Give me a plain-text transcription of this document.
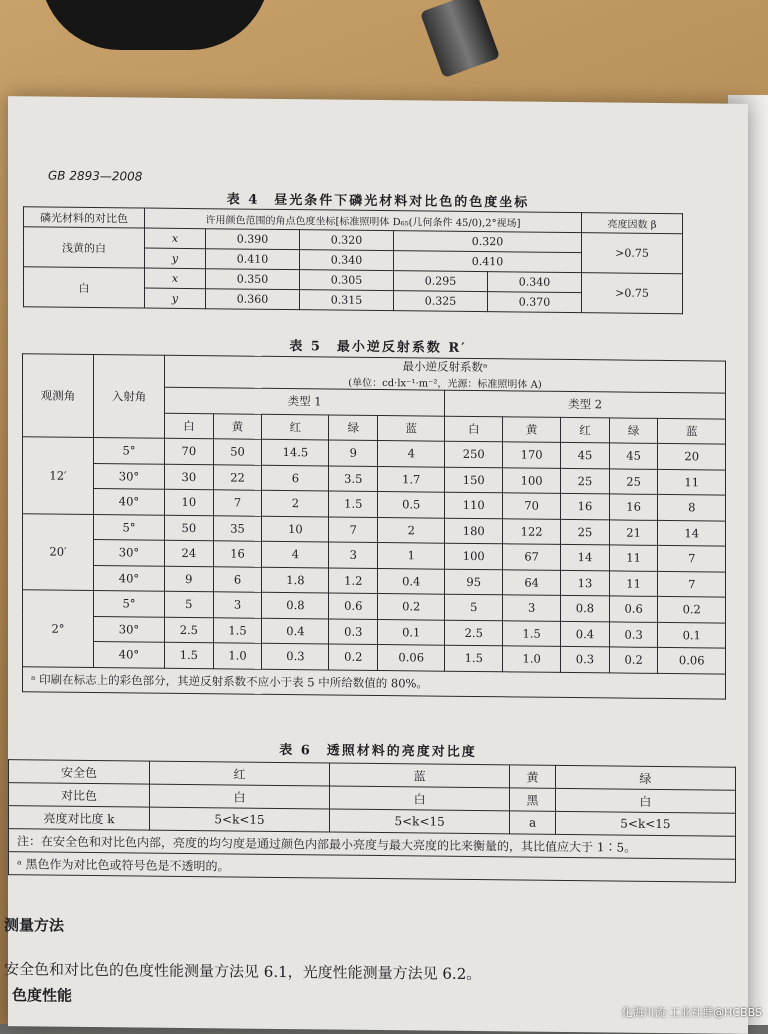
GB 2893—2008
表 4　昼光条件下磷光材料对比色的色度坐标
磷光材料的对比色	许用颜色范围的角点色度坐标[标准照明体 D₆₅(几何条件 45/0),2°视场]					亮度因数 β
浅黄的白	x	0.390	0.320	0.320		>0.75
	y	0.410	0.340	0.410		
白	x	0.350	0.305	0.295	0.340	>0.75
	y	0.360	0.315	0.325	0.370	
表 5　最小逆反射系数 R′
观测角	入射角	最小逆反射系数ᵃ
(单位：cd·lx⁻¹·m⁻²，光源：标准照明体 A)									

		类型 1					类型 2				
		白	黄	红	绿	蓝	白	黄	红	绿	蓝
12′	5°	70	50	14.5	9	4	250	170	45	45	20
	30°	30	22	6	3.5	1.7	150	100	25	25	11
	40°	10	7	2	1.5	0.5	110	70	16	16	8
20′	5°	50	35	10	7	2	180	122	25	21	14
	30°	24	16	4	3	1	100	67	14	11	7
	40°	9	6	1.8	1.2	0.4	95	64	13	11	7
2°	5°	5	3	0.8	0.6	0.2	5	3	0.8	0.6	0.2
	30°	2.5	1.5	0.4	0.3	0.1	2.5	1.5	0.4	0.3	0.1
	40°	1.5	1.0	0.3	0.2	0.06	1.5	1.0	0.3	0.2	0.06
ᵃ 印刷在标志上的彩色部分，其逆反射系数不应小于表 5 中所给数值的 80%。											
表 6　透照材料的亮度对比度
安全色	红	蓝	黄	绿
对比色	白	白	黑	白
亮度对比度 k	5<k<15	5<k<15	a	5<k<15
注：在安全色和对比色内部，亮度的均匀度是通过颜色内部最小亮度与最大亮度的比来衡量的，其比值应大于 1∶5。				
ᵃ 黑色作为对比色或符号色是不透明的。				
测量方法
安全色和对比色的色度性能测量方法见 6.1，光度性能测量方法见 6.2。
色度性能
化海川流·工业社群@HCBBS
